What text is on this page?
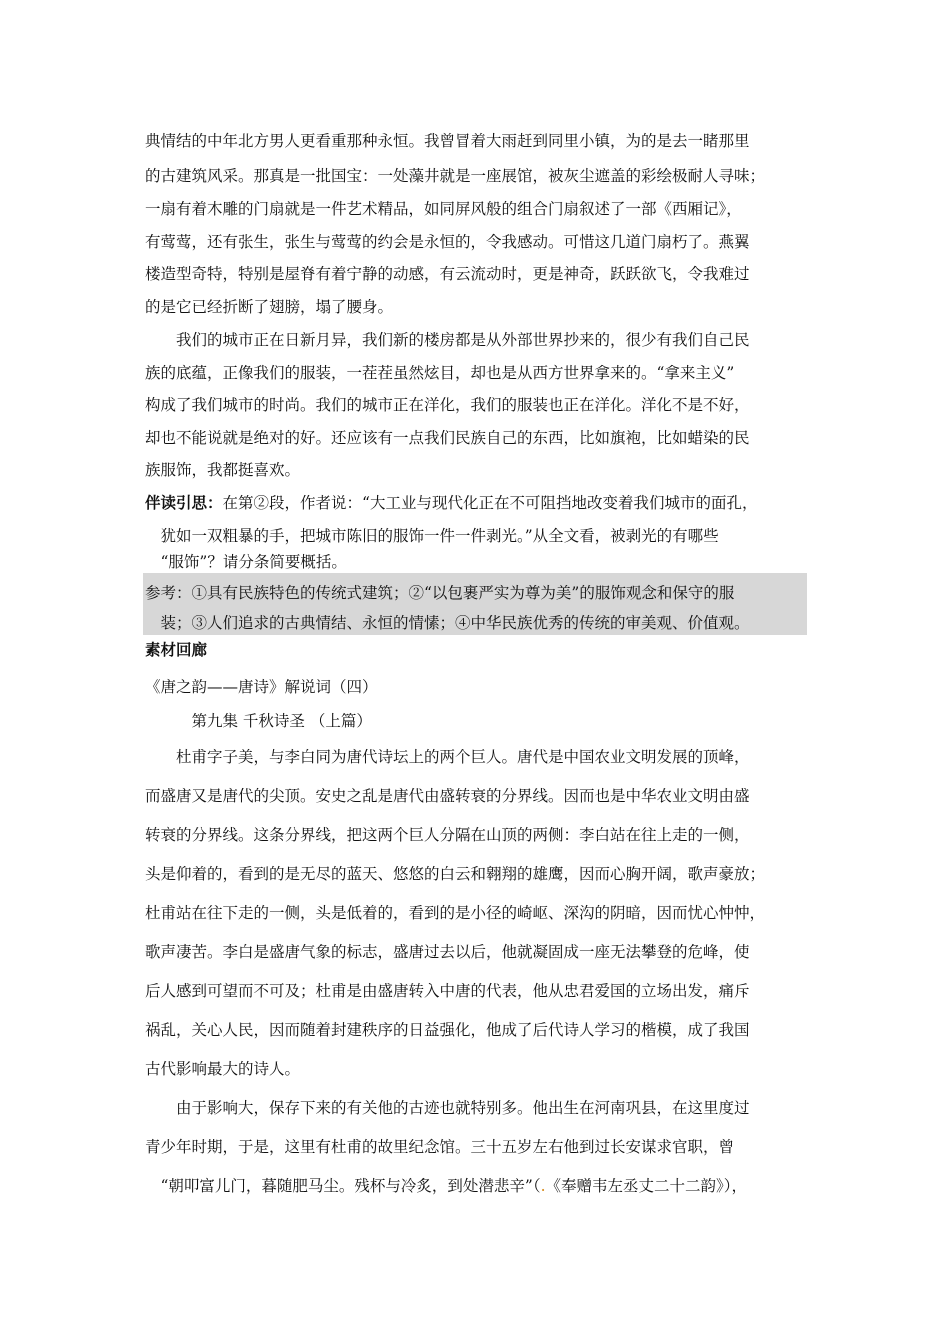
典情结的中年北方男人更看重那种永恒。我曾冒着大雨赶到同里小镇，为的是去一睹那里
的古建筑风采。那真是一批国宝：一处藻井就是一座展馆，被灰尘遮盖的彩绘极耐人寻味；
一扇有着木雕的门扇就是一件艺术精品，如同屏风般的组合门扇叙述了一部《西厢记》，
有莺莺，还有张生，张生与莺莺的约会是永恒的，令我感动。可惜这几道门扇朽了。燕翼
楼造型奇特，特别是屋脊有着宁静的动感，有云流动时，更是神奇，跃跃欲飞，令我难过
的是它已经折断了翅膀，塌了腰身。
　　我们的城市正在日新月异，我们新的楼房都是从外部世界抄来的，很少有我们自己民
族的底蕴，正像我们的服装，一茬茬虽然炫目，却也是从西方世界拿来的。“拿来主义”
构成了我们城市的时尚。我们的城市正在洋化，我们的服装也正在洋化。洋化不是不好，
却也不能说就是绝对的好。还应该有一点我们民族自己的东西，比如旗袍，比如蜡染的民
族服饰，我都挺喜欢。
伴读引思：在第②段，作者说：“大工业与现代化正在不可阻挡地改变着我们城市的面孔，
　犹如一双粗暴的手，把城市陈旧的服饰一件一件剥光。”从全文看，被剥光的有哪些
　“服饰”？请分条简要概括。
参考：①具有民族特色的传统式建筑；②“以包裹严实为尊为美”的服饰观念和保守的服
　装；③人们追求的古典情结、永恒的情愫；④中华民族优秀的传统的审美观、价值观。
素材回廊
《唐之韵——唐诗》解说词（四）
　　　第九集 千秋诗圣 （上篇）
　　杜甫字子美，与李白同为唐代诗坛上的两个巨人。唐代是中国农业文明发展的顶峰，
而盛唐又是唐代的尖顶。安史之乱是唐代由盛转衰的分界线。因而也是中华农业文明由盛
转衰的分界线。这条分界线，把这两个巨人分隔在山顶的两侧：李白站在往上走的一侧，
头是仰着的，看到的是无尽的蓝天、悠悠的白云和翱翔的雄鹰，因而心胸开阔，歌声豪放；
杜甫站在往下走的一侧，头是低着的，看到的是小径的崎岖、深沟的阴暗，因而忧心忡忡，
歌声凄苦。李白是盛唐气象的标志，盛唐过去以后，他就凝固成一座无法攀登的危峰，使
后人感到可望而不可及；杜甫是由盛唐转入中唐的代表，他从忠君爱国的立场出发，痛斥
祸乱，关心人民，因而随着封建秩序的日益强化，他成了后代诗人学习的楷模，成了我国
古代影响最大的诗人。
　　由于影响大，保存下来的有关他的古迹也就特别多。他出生在河南巩县，在这里度过
青少年时期，于是，这里有杜甫的故里纪念馆。三十五岁左右他到过长安谋求官职，曾
　“朝叩富儿门，暮随肥马尘。残杯与冷炙，到处潜悲辛”（.《奉赠韦左丞丈二十二韵》），
